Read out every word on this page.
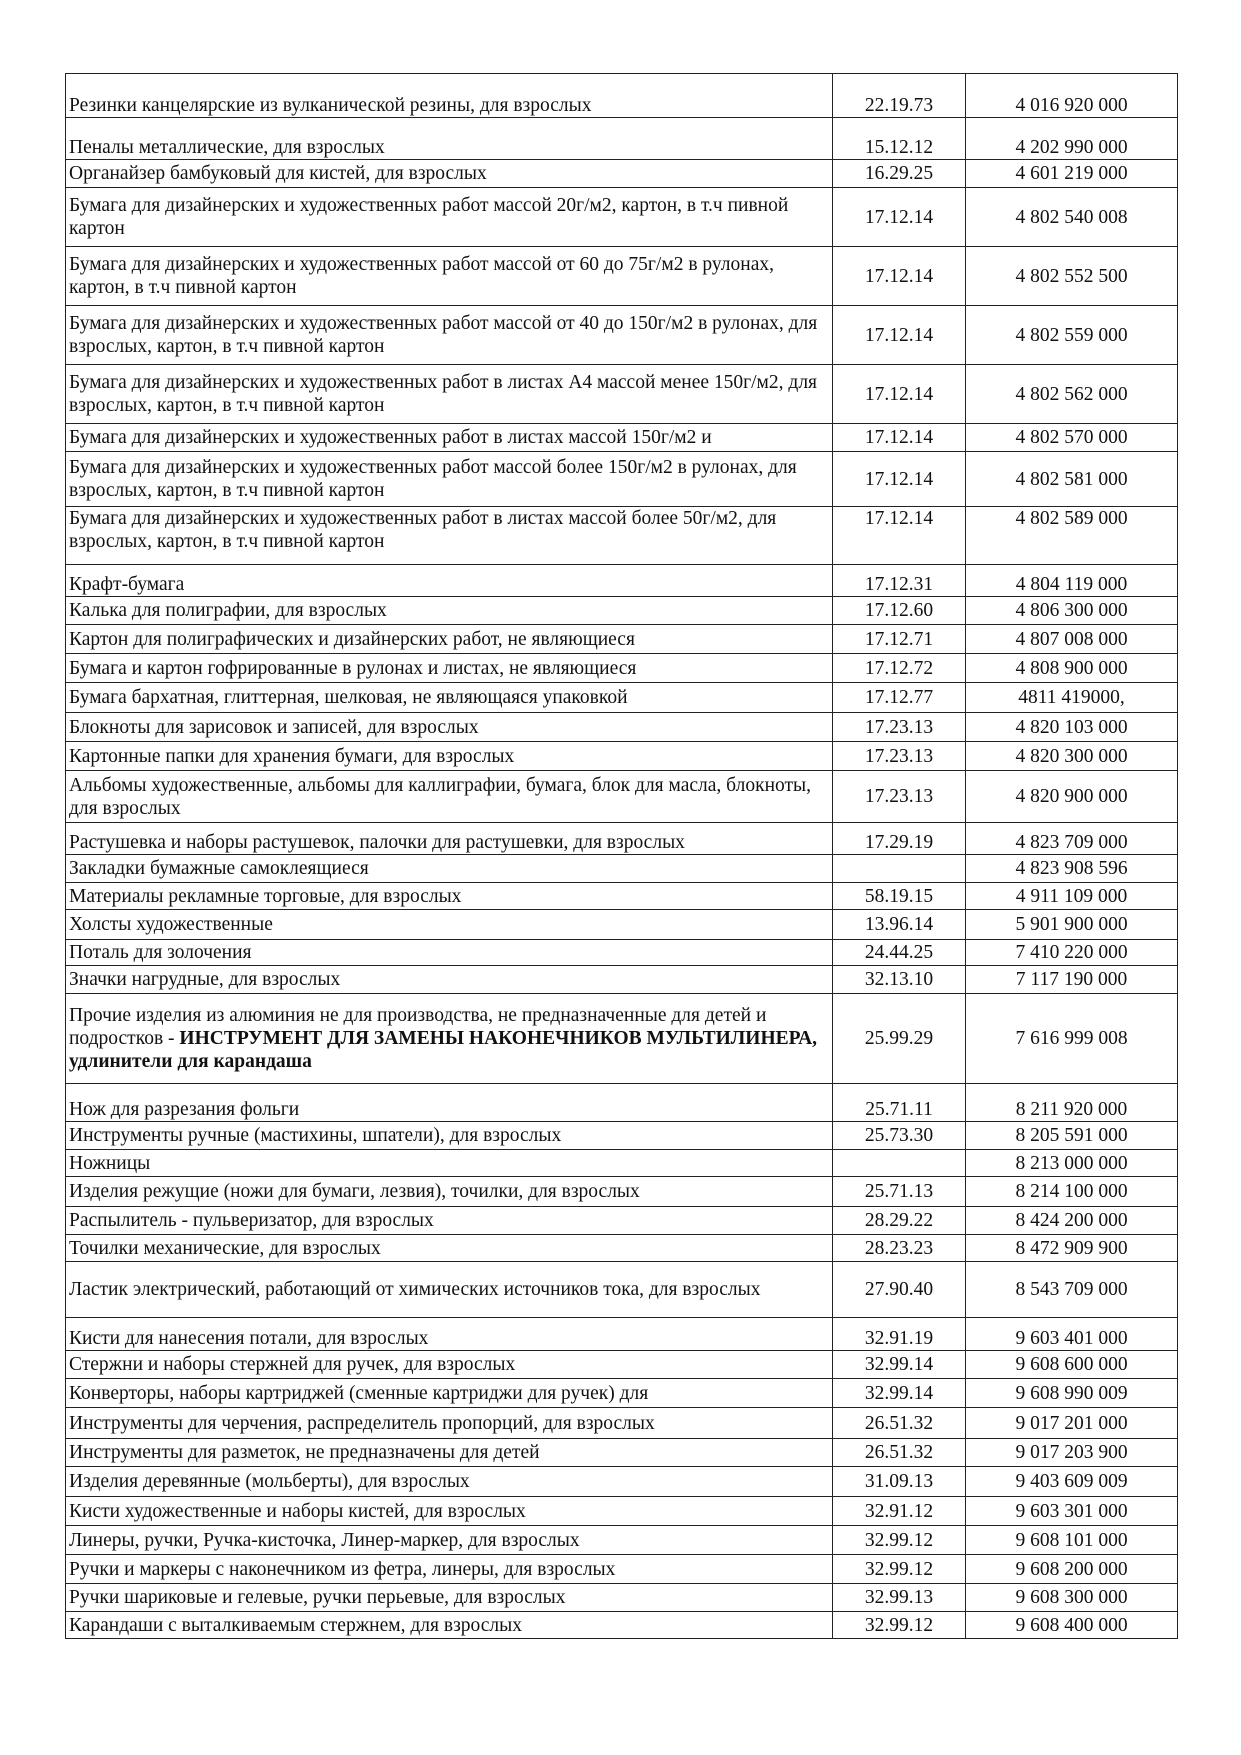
Резинки канцелярские из вулканической резины, для взрослых	22.19.73	4 016 920 000
Пеналы металлические, для взрослых	15.12.12	4 202 990 000
Органайзер бамбуковый для кистей, для взрослых	16.29.25	4 601 219 000
Бумага для дизайнерских и художественных работ массой 20г/м2, картон, в т.ч пивной картон	17.12.14	4 802 540 008
Бумага для дизайнерских и художественных работ массой от 60 до 75г/м2 в рулонах, картон, в т.ч пивной картон	17.12.14	4 802 552 500
Бумага для дизайнерских и художественных работ массой от 40 до 150г/м2 в рулонах, для взрослых, картон, в т.ч пивной картон	17.12.14	4 802 559 000
Бумага для дизайнерских и художественных работ в листах А4 массой менее 150г/м2, для взрослых, картон, в т.ч пивной картон	17.12.14	4 802 562 000
Бумага для дизайнерских и художественных работ в листах массой 150г/м2 и	17.12.14	4 802 570 000
Бумага для дизайнерских и художественных работ массой более 150г/м2 в рулонах, для взрослых, картон, в т.ч пивной картон	17.12.14	4 802 581 000
Бумага для дизайнерских и художественных работ в листах массой более 50г/м2, для взрослых, картон, в т.ч пивной картон	17.12.14	4 802 589 000
Крафт-бумага	17.12.31	4 804 119 000
Калька для полиграфии, для взрослых	17.12.60	4 806 300 000
Картон для полиграфических и дизайнерских работ, не являющиеся	17.12.71	4 807 008 000
Бумага и картон гофрированные в рулонах и листах, не являющиеся	17.12.72	4 808 900 000
Бумага бархатная, глиттерная, шелковая, не являющаяся упаковкой	17.12.77	4811 419000,
Блокноты для зарисовок и записей, для взрослых	17.23.13	4 820 103 000
Картонные папки для хранения бумаги, для взрослых	17.23.13	4 820 300 000
Альбомы художественные, альбомы для каллиграфии, бумага, блок для масла, блокноты, для взрослых	17.23.13	4 820 900 000
Растушевка и наборы растушевок, палочки для растушевки, для взрослых	17.29.19	4 823 709 000
Закладки бумажные самоклеящиеся		4 823 908 596
Материалы рекламные торговые, для взрослых	58.19.15	4 911 109 000
Холсты художественные	13.96.14	5 901 900 000
Поталь для золочения	24.44.25	7 410 220 000
Значки нагрудные, для взрослых	32.13.10	7 117 190 000
Прочие изделия из алюминия не для производства, не предназначенные для детей и подростков - ИНСТРУМЕНТ ДЛЯ ЗАМЕНЫ НАКОНЕЧНИКОВ МУЛЬТИЛИНЕРА, удлинители для карандаша	25.99.29	7 616 999 008
Нож для разрезания фольги	25.71.11	8 211 920 000
Инструменты ручные (мастихины, шпатели), для взрослых	25.73.30	8 205 591 000
Ножницы		8 213 000 000
Изделия режущие (ножи для бумаги, лезвия), точилки, для взрослых	25.71.13	8 214 100 000
Распылитель - пульверизатор, для взрослых	28.29.22	8 424 200 000
Точилки механические, для взрослых	28.23.23	8 472 909 900
Ластик электрический, работающий от химических источников тока, для взрослых	27.90.40	8 543 709 000
Кисти для нанесения потали, для взрослых	32.91.19	9 603 401 000
Стержни и наборы стержней для ручек, для взрослых	32.99.14	9 608 600 000
Конверторы, наборы картриджей (сменные картриджи для ручек) для	32.99.14	9 608 990 009
Инструменты для черчения, распределитель пропорций, для взрослых	26.51.32	9 017 201 000
Инструменты для разметок, не предназначены для детей	26.51.32	9 017 203 900
Изделия деревянные (мольберты), для взрослых	31.09.13	9 403 609 009
Кисти художественные и наборы кистей, для взрослых	32.91.12	9 603 301 000
Линеры, ручки, Ручка-кисточка, Линер-маркер, для взрослых	32.99.12	9 608 101 000
Ручки и маркеры с наконечником из фетра, линеры, для взрослых	32.99.12	9 608 200 000
Ручки шариковые и гелевые, ручки перьевые, для взрослых	32.99.13	9 608 300 000
Карандаши с выталкиваемым стержнем, для взрослых	32.99.12	9 608 400 000
